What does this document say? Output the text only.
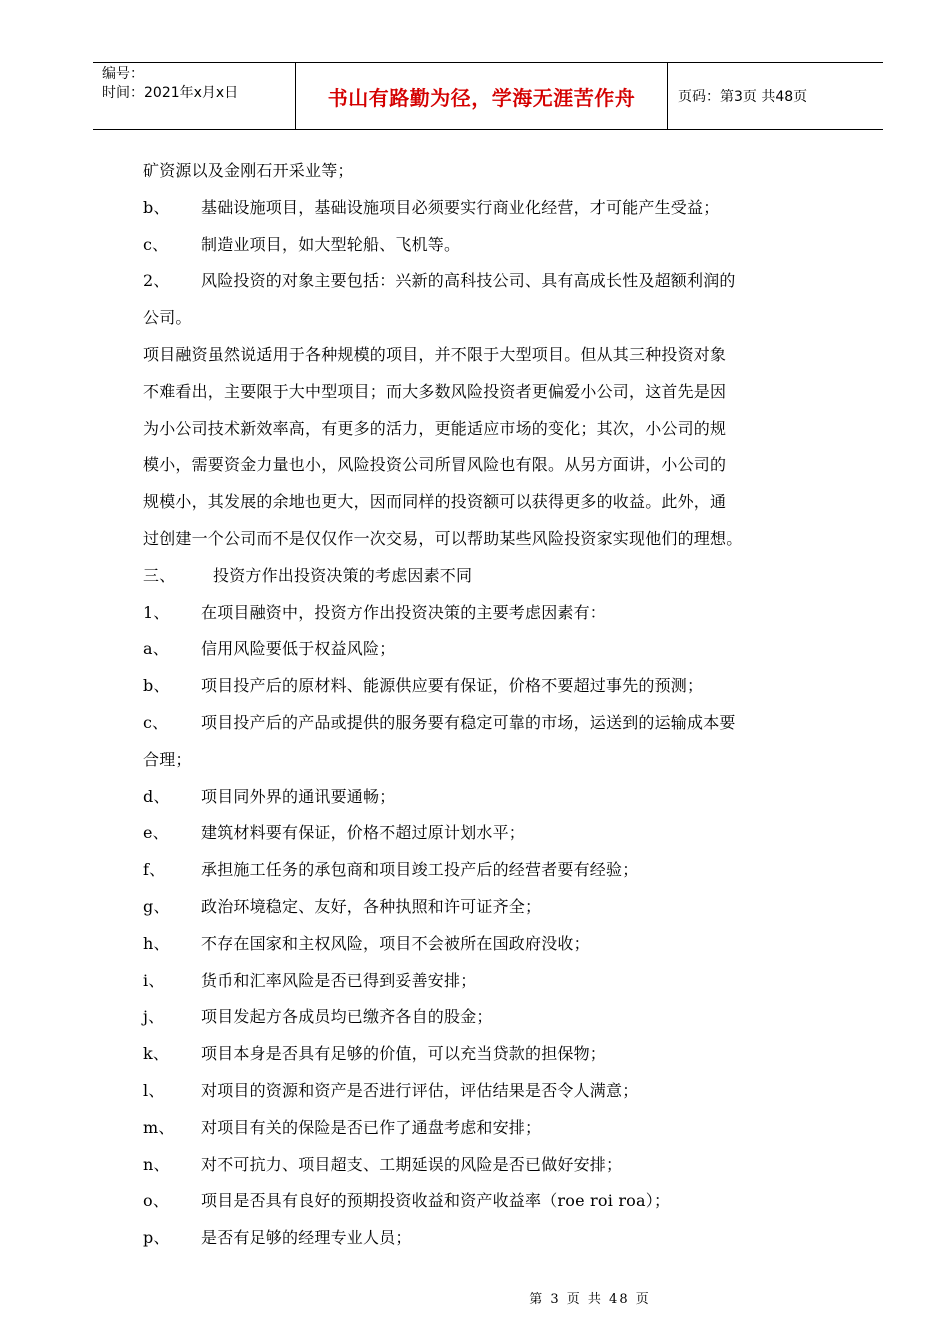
编号：
时间：2021年x月x日	书山有路勤为径，学海无涯苦作舟	页码：第3页 共48页
矿资源以及金刚石开采业等；
b、 基础设施项目，基础设施项目必须要实行商业化经营，才可能产生受益；
c、 制造业项目，如大型轮船、飞机等。
2、 风险投资的对象主要包括：兴新的高科技公司、具有高成长性及超额利润的
公司。
项目融资虽然说适用于各种规模的项目，并不限于大型项目。但从其三种投资对象
不难看出，主要限于大中型项目；而大多数风险投资者更偏爱小公司，这首先是因
为小公司技术新效率高，有更多的活力，更能适应市场的变化；其次，小公司的规
模小，需要资金力量也小，风险投资公司所冒风险也有限。从另方面讲，小公司的
规模小，其发展的余地也更大，因而同样的投资额可以获得更多的收益。此外，通
过创建一个公司而不是仅仅作一次交易，可以帮助某些风险投资家实现他们的理想。
三、 投资方作出投资决策的考虑因素不同
1、 在项目融资中，投资方作出投资决策的主要考虑因素有：
a、 信用风险要低于权益风险；
b、 项目投产后的原材料、能源供应要有保证，价格不要超过事先的预测；
c、 项目投产后的产品或提供的服务要有稳定可靠的市场，运送到的运输成本要
合理；
d、 项目同外界的通讯要通畅；
e、 建筑材料要有保证，价格不超过原计划水平；
f、 承担施工任务的承包商和项目竣工投产后的经营者要有经验；
g、 政治环境稳定、友好，各种执照和许可证齐全；
h、 不存在国家和主权风险，项目不会被所在国政府没收；
i、 货币和汇率风险是否已得到妥善安排；
j、 项目发起方各成员均已缴齐各自的股金；
k、 项目本身是否具有足够的价值，可以充当贷款的担保物；
l、 对项目的资源和资产是否进行评估，评估结果是否令人满意；
m、 对项目有关的保险是否已作了通盘考虑和安排；
n、 对不可抗力、项目超支、工期延误的风险是否已做好安排；
o、 项目是否具有良好的预期投资收益和资产收益率（roe roi roa）；
p、 是否有足够的经理专业人员；
第 3 页 共 48 页
